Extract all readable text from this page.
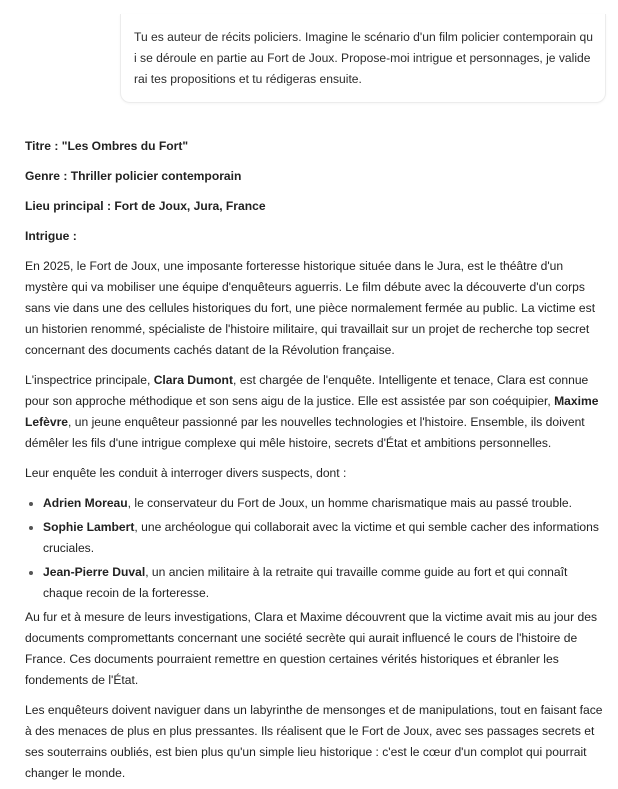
Tu es auteur de récits policiers. Imagine le scénario d'un film policier contemporain qui se déroule en partie au Fort de Joux. Propose-moi intrigue et personnages, je validerai tes propositions et tu rédigeras ensuite.

Titre : "Les Ombres du Fort"

Genre : Thriller policier contemporain

Lieu principal : Fort de Joux, Jura, France

Intrigue :

En 2025, le Fort de Joux, une imposante forteresse historique située dans le Jura, est le théâtre d'un mystère qui va mobiliser une équipe d'enquêteurs aguerris. Le film débute avec la découverte d'un corps sans vie dans une des cellules historiques du fort, une pièce normalement fermée au public. La victime est un historien renommé, spécialiste de l'histoire militaire, qui travaillait sur un projet de recherche top secret concernant des documents cachés datant de la Révolution française.

L'inspectrice principale, Clara Dumont, est chargée de l'enquête. Intelligente et tenace, Clara est connue pour son approche méthodique et son sens aigu de la justice. Elle est assistée par son coéquipier, Maxime Lefèvre, un jeune enquêteur passionné par les nouvelles technologies et l'histoire. Ensemble, ils doivent démêler les fils d'une intrigue complexe qui mêle histoire, secrets d'État et ambitions personnelles.

Leur enquête les conduit à interroger divers suspects, dont :

• Adrien Moreau, le conservateur du Fort de Joux, un homme charismatique mais au passé trouble.
• Sophie Lambert, une archéologue qui collaborait avec la victime et qui semble cacher des informations cruciales.
• Jean-Pierre Duval, un ancien militaire à la retraite qui travaille comme guide au fort et qui connaît chaque recoin de la forteresse.

Au fur et à mesure de leurs investigations, Clara et Maxime découvrent que la victime avait mis au jour des documents compromettants concernant une société secrète qui aurait influencé le cours de l'histoire de France. Ces documents pourraient remettre en question certaines vérités historiques et ébranler les fondements de l'État.

Les enquêteurs doivent naviguer dans un labyrinthe de mensonges et de manipulations, tout en faisant face à des menaces de plus en plus pressantes. Ils réalisent que le Fort de Joux, avec ses passages secrets et ses souterrains oubliés, est bien plus qu'un simple lieu historique : c'est le cœur d'un complot qui pourrait changer le monde.
